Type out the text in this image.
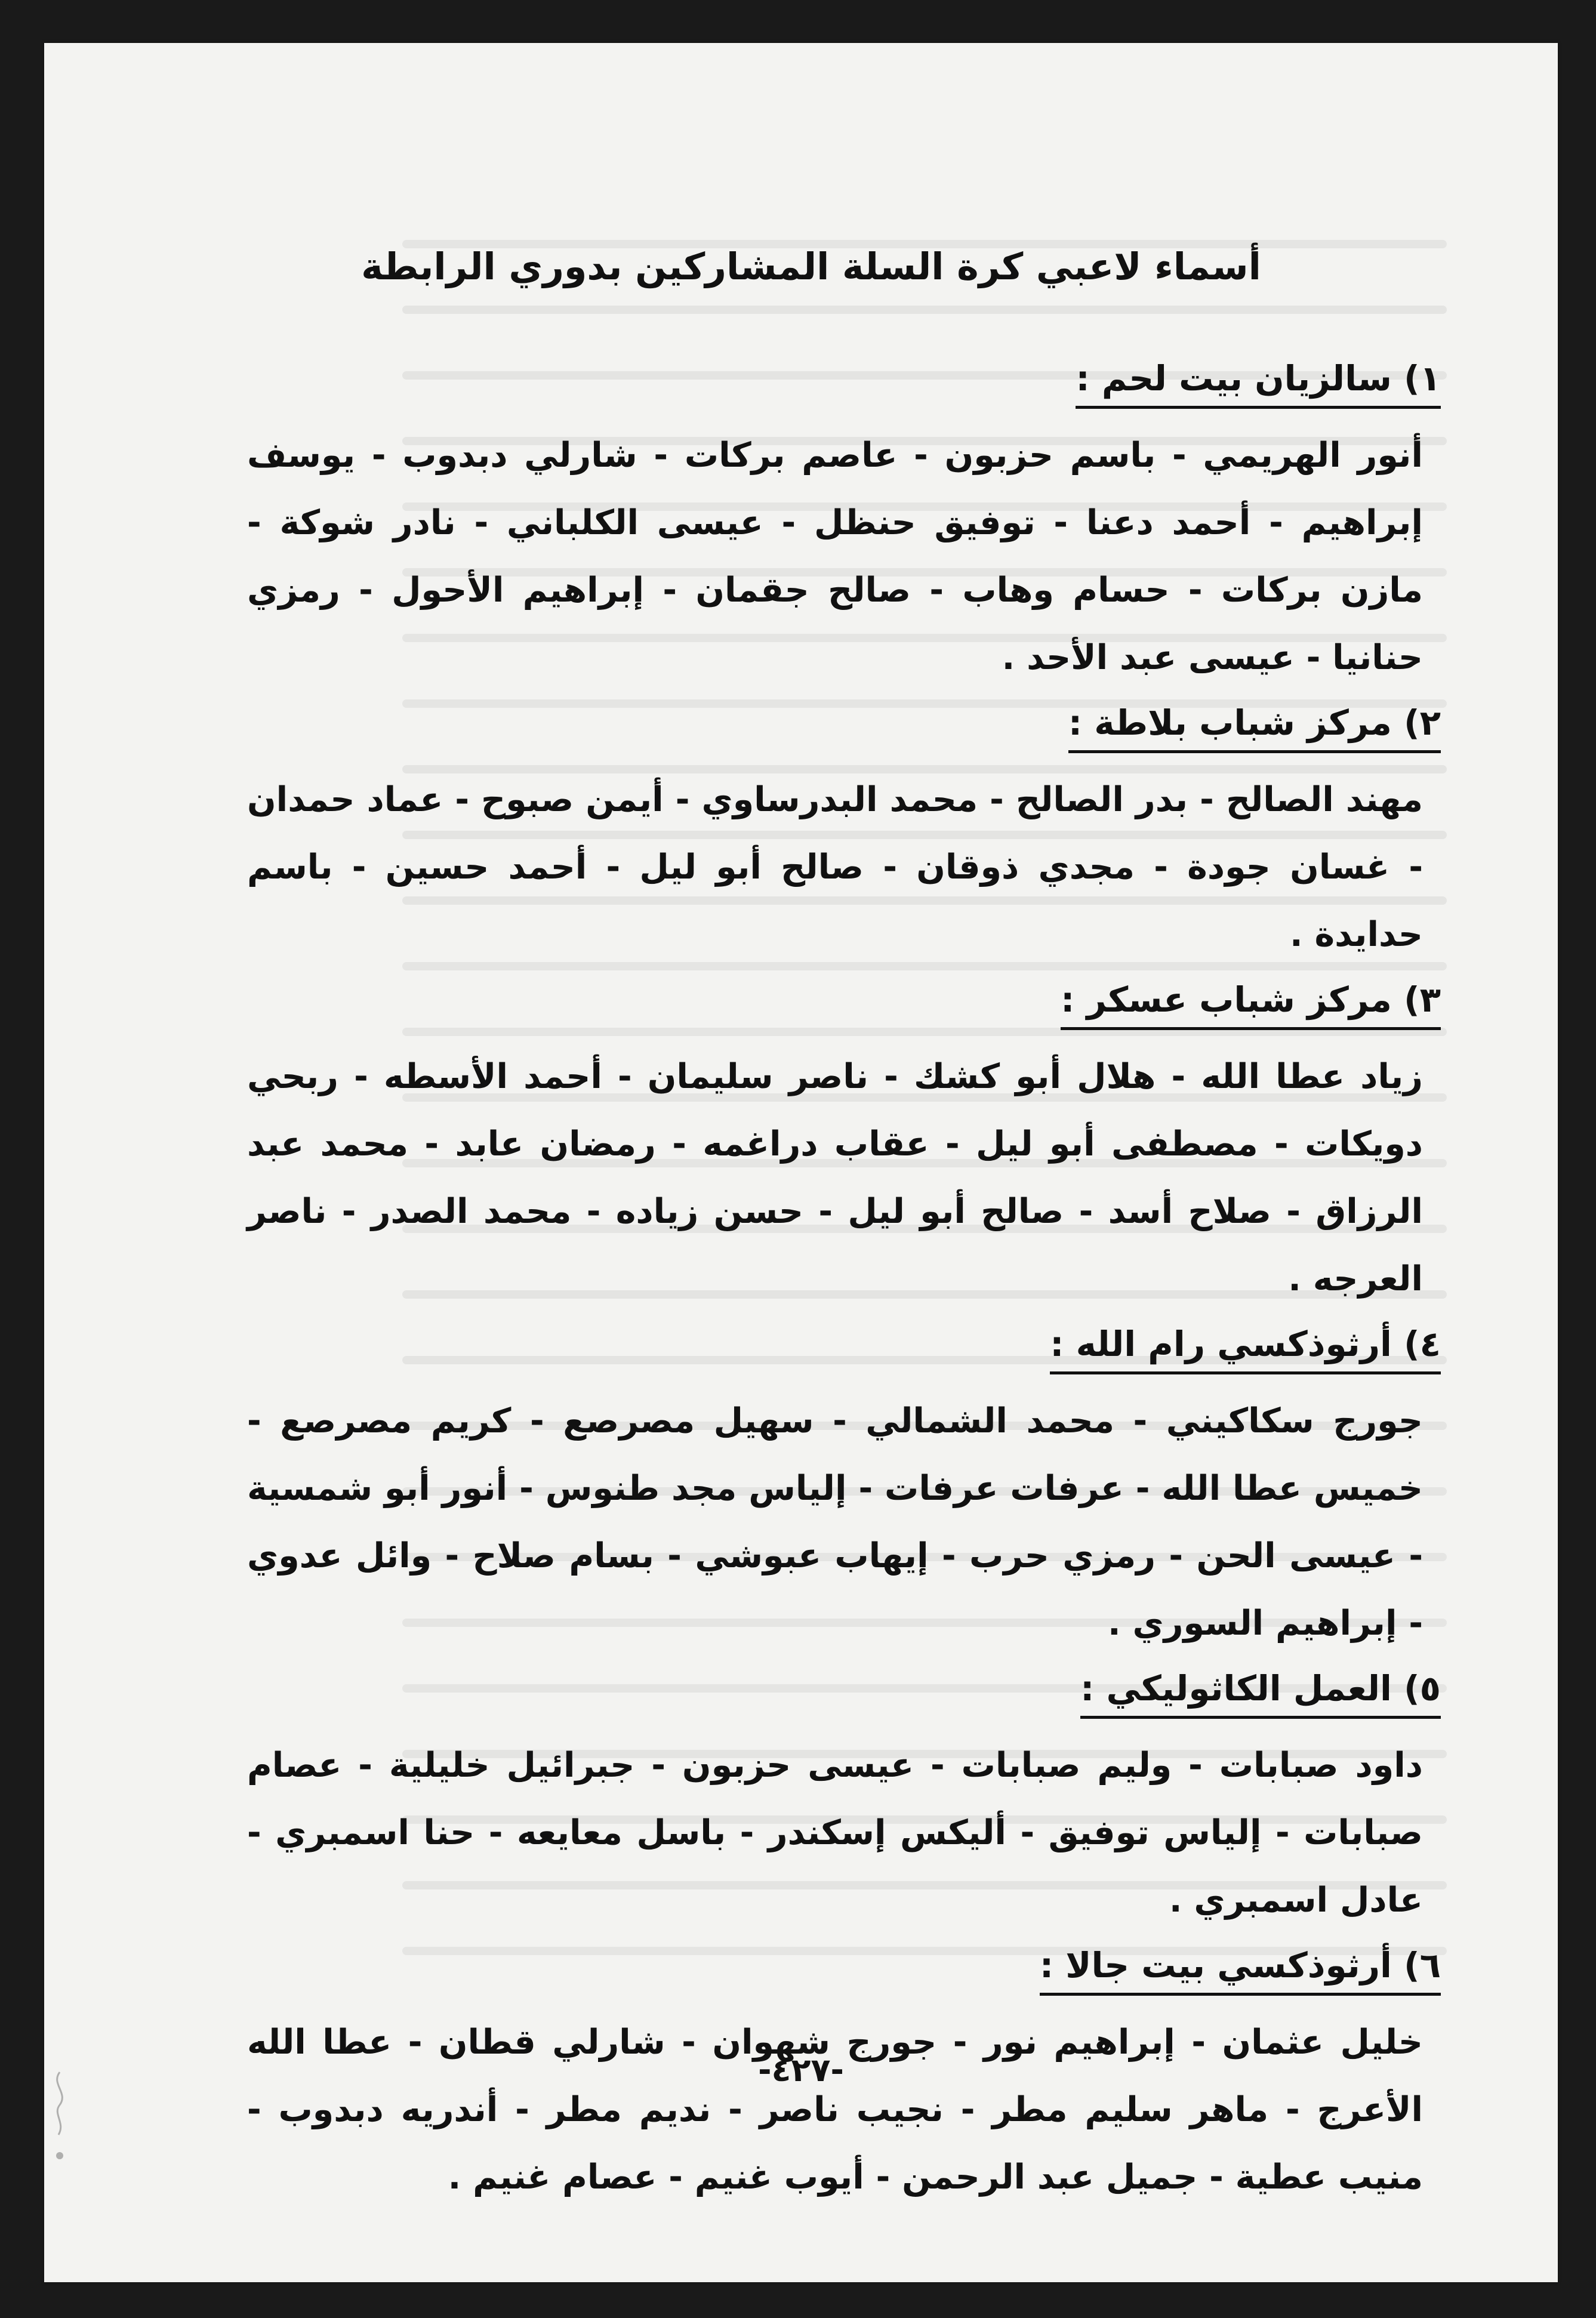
أسماء لاعبي كرة السلة المشاركين بدوري الرابطة
١) سالزيان بيت لحم :

أنور الهريمي - باسم حزبون - عاصم بركات - شارلي دبدوب - يوسف إبراهيم - أحمد دعنا - توفيق حنظل - عيسى الكلباني - نادر شوكة - مازن بركات - حسام وهاب - صالح جقمان - إبراهيم الأحول - رمزي حنانيا - عيسى عبد الأحد .

٢) مركز شباب بلاطة :

مهند الصالح - بدر الصالح - محمد البدرساوي - أيمن صبوح - عماد حمدان - غسان جودة - مجدي ذوقان - صالح أبو ليل - أحمد حسين - باسم حدايدة .

٣) مركز شباب عسكر :

زياد عطا الله - هلال أبو كشك - ناصر سليمان - أحمد الأسطه - ربحي دويكات - مصطفى أبو ليل - عقاب دراغمه - رمضان عابد - محمد عبد الرزاق - صلاح أسد - صالح أبو ليل - حسن زياده - محمد الصدر - ناصر العرجه .

٤) أرثوذكسي رام الله :

جورج سكاكيني - محمد الشمالي - سهيل مصرصع - كريم مصرصع - خميس عطا الله - عرفات عرفات - إلياس مجد طنوس - أنور أبو شمسية - عيسى الحن - رمزي حرب - إيهاب عبوشي - بسام صلاح - وائل عدوي - إبراهيم السوري .

٥) العمل الكاثوليكي :

داود صبابات - وليم صبابات - عيسى حزبون - جبرائيل خليلية - عصام صبابات - إلياس توفيق - أليكس إسكندر - باسل معايعه - حنا اسمبري - عادل اسمبري .

٦) أرثوذكسي بيت جالا :

خليل عثمان - إبراهيم نور - جورج شهوان - شارلي قطان - عطا الله الأعرج - ماهر سليم مطر - نجيب ناصر - نديم مطر - أندريه دبدوب - منيب عطية - جميل عبد الرحمن - أيوب غنيم - عصام غنيم .

-٤٢٧-
